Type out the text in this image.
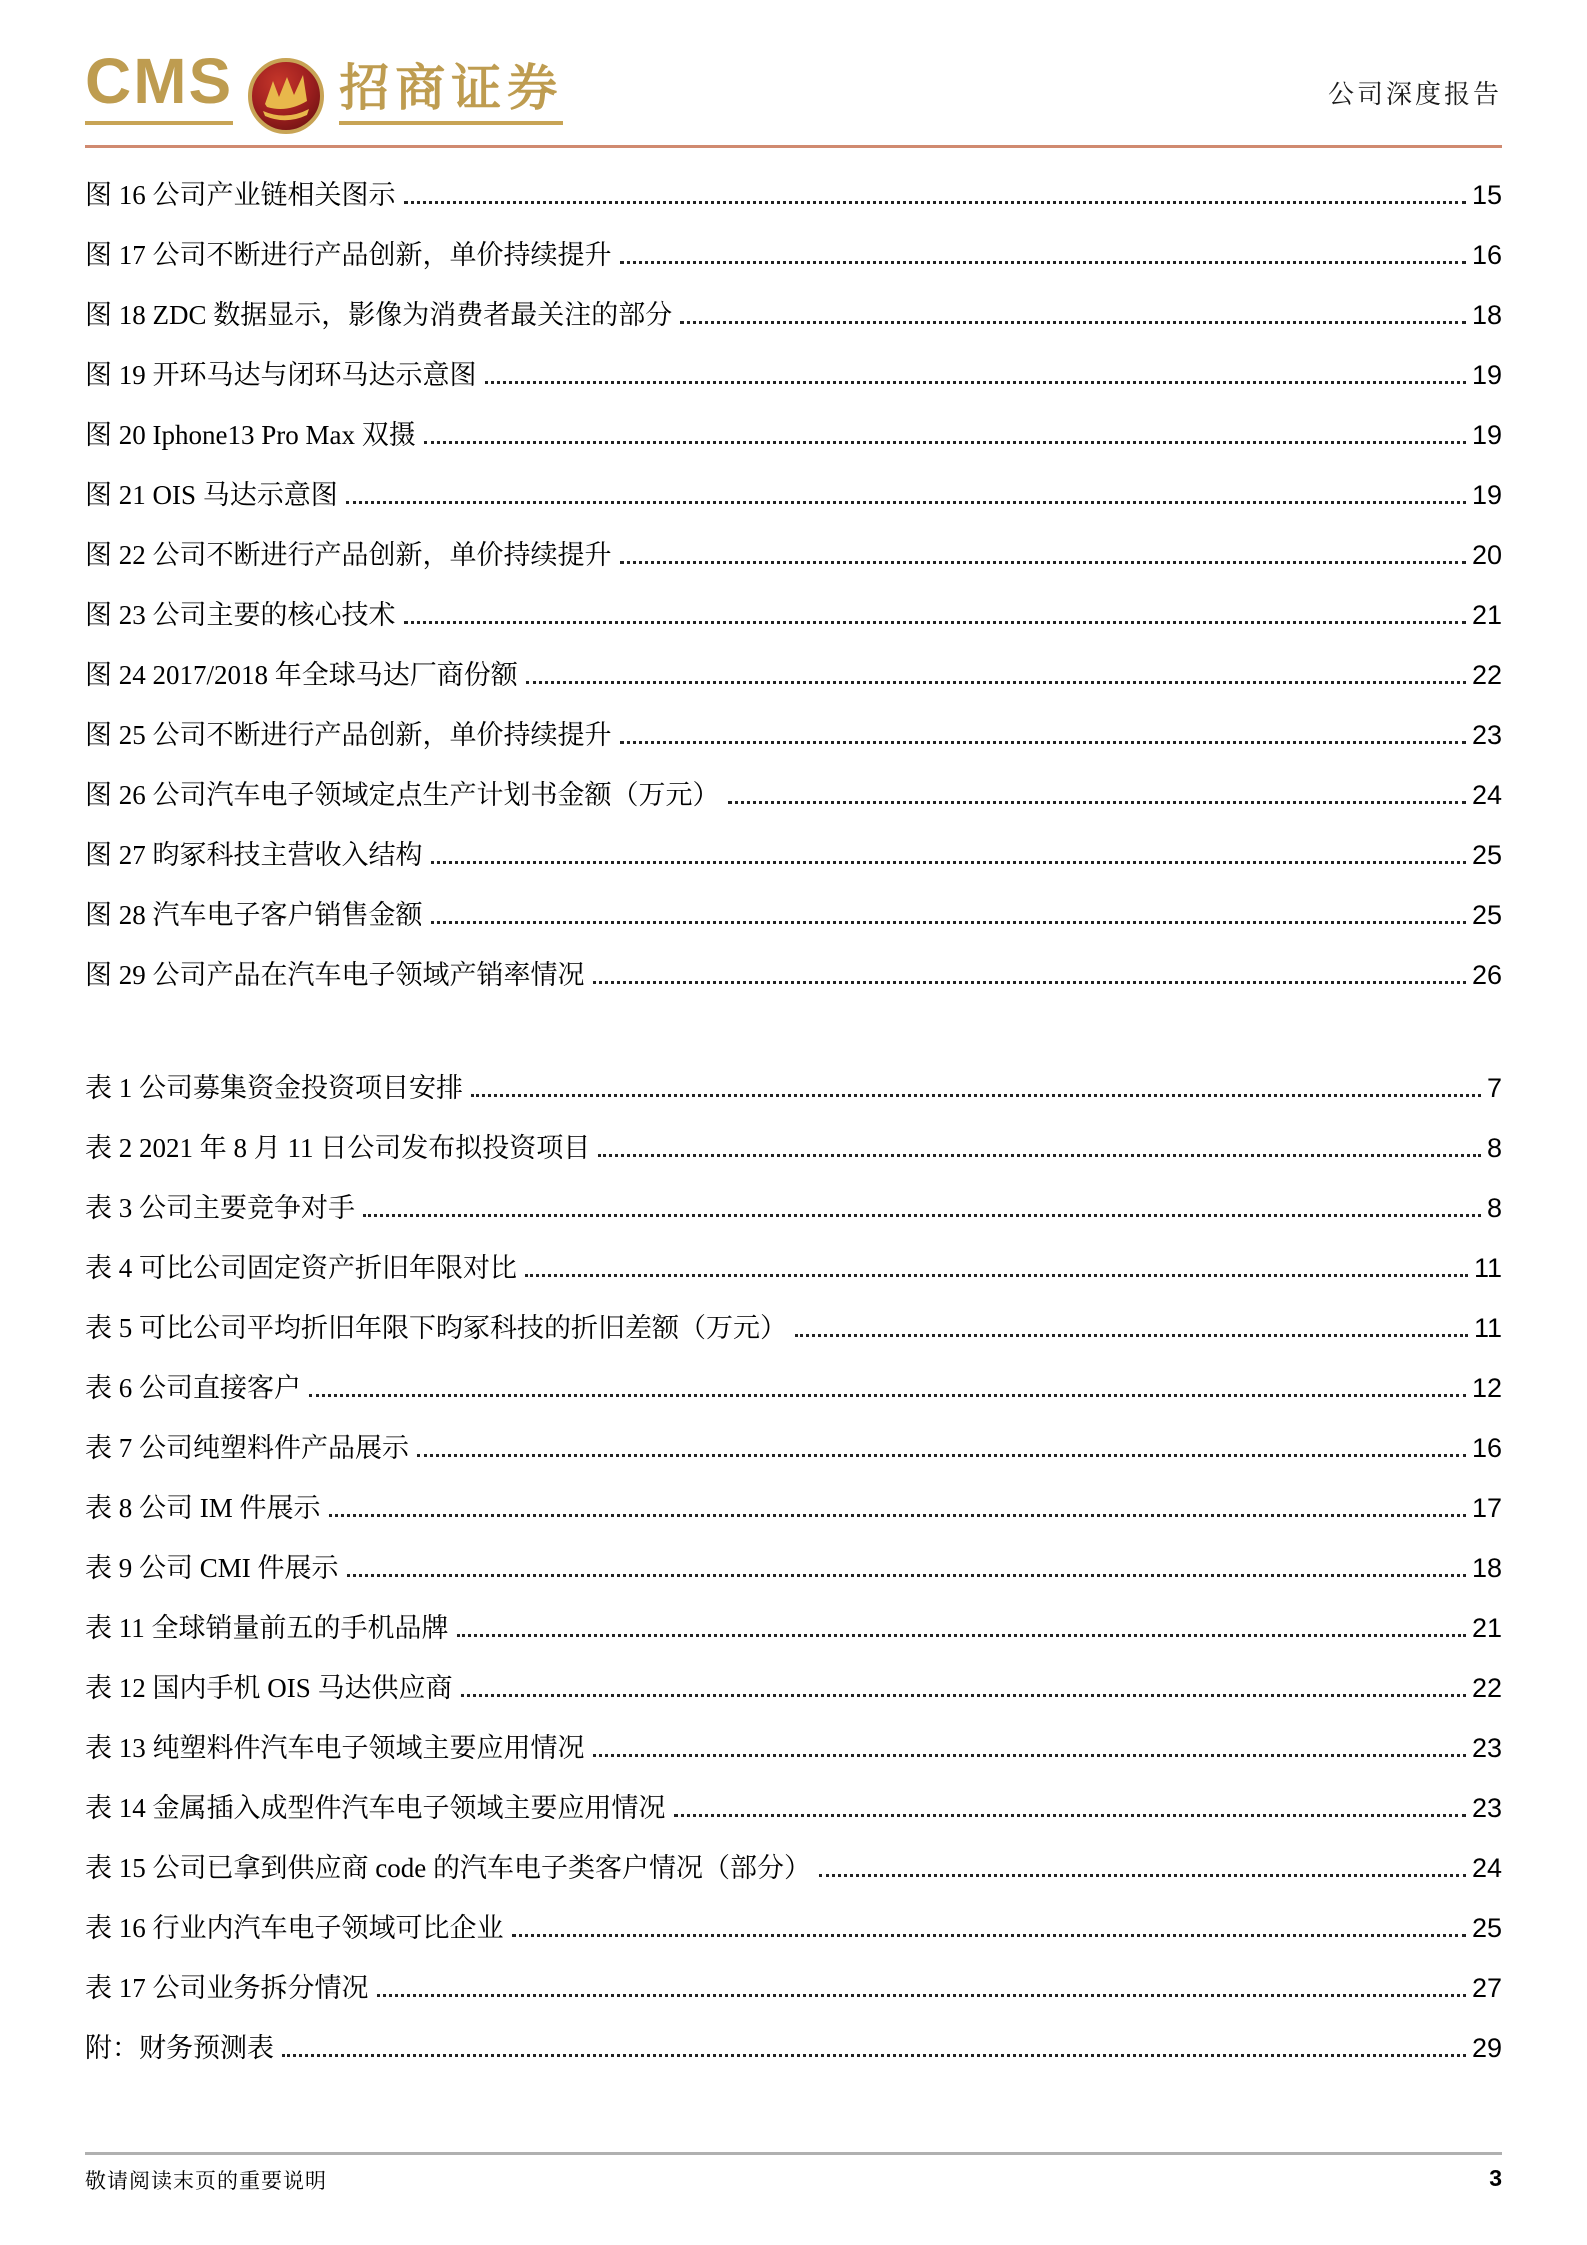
CMS 招商证券	公司深度报告
图 16 公司产业链相关图示	15
图 17 公司不断进行产品创新，单价持续提升	16
图 18 ZDC 数据显示，影像为消费者最关注的部分	18
图 19 开环马达与闭环马达示意图	19
图 20 Iphone13 Pro Max 双摄	19
图 21 OIS 马达示意图	19
图 22 公司不断进行产品创新，单价持续提升	20
图 23 公司主要的核心技术	21
图 24 2017/2018 年全球马达厂商份额	22
图 25 公司不断进行产品创新，单价持续提升	23
图 26 公司汽车电子领域定点生产计划书金额（万元）	24
图 27 昀冢科技主营收入结构	25
图 28 汽车电子客户销售金额	25
图 29 公司产品在汽车电子领域产销率情况	26
表 1 公司募集资金投资项目安排	7
表 2 2021 年 8 月 11 日公司发布拟投资项目	8
表 3 公司主要竞争对手	8
表 4 可比公司固定资产折旧年限对比	11
表 5 可比公司平均折旧年限下昀冢科技的折旧差额（万元）	11
表 6 公司直接客户	12
表 7 公司纯塑料件产品展示	16
表 8 公司 IM 件展示	17
表 9 公司 CMI 件展示	18
表 11 全球销量前五的手机品牌	21
表 12 国内手机 OIS 马达供应商	22
表 13 纯塑料件汽车电子领域主要应用情况	23
表 14 金属插入成型件汽车电子领域主要应用情况	23
表 15 公司已拿到供应商 code 的汽车电子类客户情况（部分）	24
表 16 行业内汽车电子领域可比企业	25
表 17 公司业务拆分情况	27
附：财务预测表	29
敬请阅读末页的重要说明	3
